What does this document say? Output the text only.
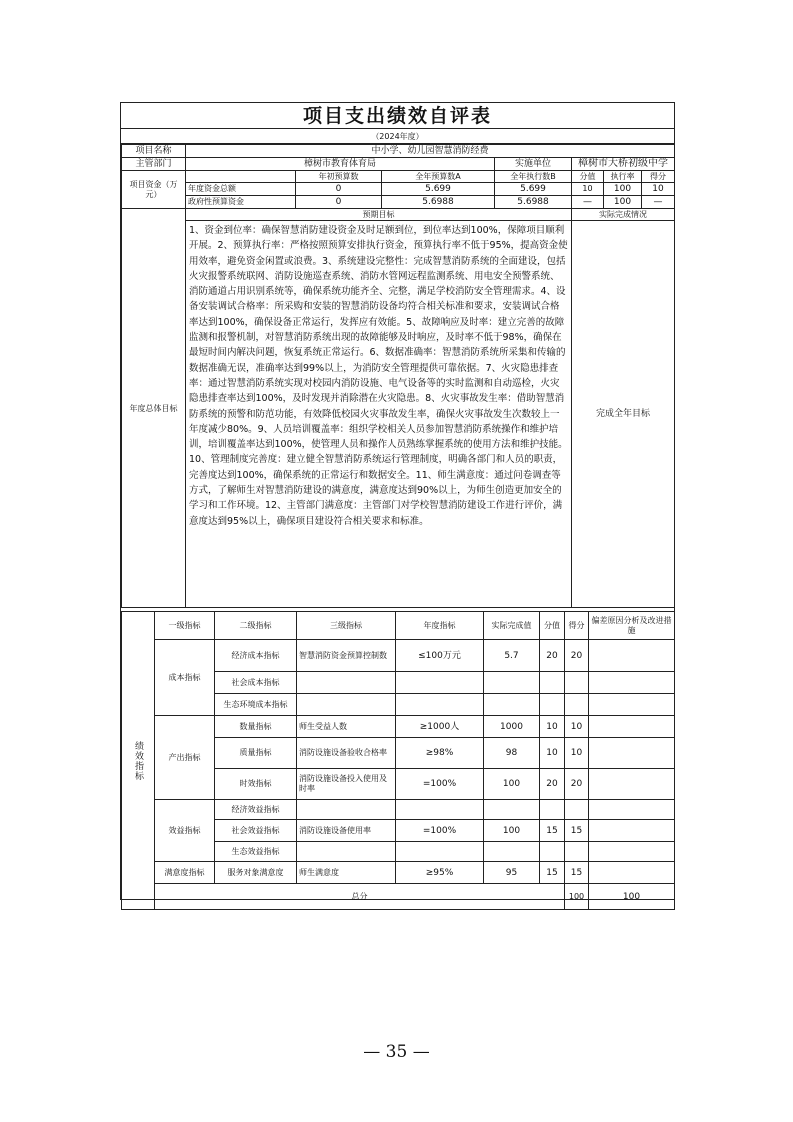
项目支出绩效自评表
（2024年度）
项目名称	中小学、幼儿园智慧消防经费						
主管部门	樟树市教育体育局			实施单位	樟树市大桥初级中学		
项目资金（万元）		年初预算数	全年预算数A	全年执行数B	分值	执行率	得分
	年度资金总额	0	5.699	5.699	10	100	10
	政府性预算资金	0	5.6988	5.6988	—	100	—
年度总体目标	预期目标				实际完成情况		
	1、资金到位率：确保智慧消防建设资金及时足额到位，到位率达到100%，保障项目顺利开展。2、预算执行率：严格按照预算安排执行资金，预算执行率不低于95%，提高资金使用效率，避免资金闲置或浪费。3、系统建设完整性：完成智慧消防系统的全面建设，包括火灾报警系统联网、消防设施巡查系统、消防水管网远程监测系统、用电安全预警系统、消防通道占用识别系统等，确保系统功能齐全、完整，满足学校消防安全管理需求。4、设备安装调试合格率：所采购和安装的智慧消防设备均符合相关标准和要求，安装调试合格率达到100%，确保设备正常运行，发挥应有效能。5、故障响应及时率：建立完善的故障监测和报警机制，对智慧消防系统出现的故障能够及时响应，及时率不低于98%，确保在最短时间内解决问题，恢复系统正常运行。6、数据准确率：智慧消防系统所采集和传输的数据准确无误，准确率达到99%以上，为消防安全管理提供可靠依据。7、火灾隐患排查率：通过智慧消防系统实现对校园内消防设施、电气设备等的实时监测和自动巡检，火灾隐患排查率达到100%，及时发现并消除潜在火灾隐患。8、火灾事故发生率：借助智慧消防系统的预警和防范功能，有效降低校园火灾事故发生率，确保火灾事故发生次数较上一年度减少80%。9、人员培训覆盖率：组织学校相关人员参加智慧消防系统操作和维护培训，培训覆盖率达到100%，使管理人员和操作人员熟练掌握系统的使用方法和维护技能。10、管理制度完善度：建立健全智慧消防系统运行管理制度，明确各部门和人员的职责，完善度达到100%，确保系统的正常运行和数据安全。11、师生满意度：通过问卷调查等方式，了解师生对智慧消防建设的满意度，满意度达到90%以上，为师生创造更加安全的学习和工作环境。12、主管部门满意度：主管部门对学校智慧消防建设工作进行评价，满意度达到95%以上，确保项目建设符合相关要求和标准。				完成全年目标		
绩效指标	一级指标	二级指标	三级指标	年度指标	实际完成值	分值	得分	偏差原因分析及改进措施	
	成本指标	经济成本指标	智慧消防资金预算控制数	≤100万元	5.7	20	20		
		社会成本指标							
		生态环境成本指标							
	产出指标	数量指标	师生受益人数	≥1000人	1000	10	10		
		质量指标	消防设施设备验收合格率	≥98%	98	10	10		
		时效指标	消防设施设备投入使用及时率	=100%	100	20	20		
	效益指标	经济效益指标							
		社会效益指标	消防设施设备使用率	=100%	100	15	15		
		生态效益指标							
	满意度指标	服务对象满意度	师生满意度	≥95%	95	15	15		
	总分						100	100	
— 35 —
